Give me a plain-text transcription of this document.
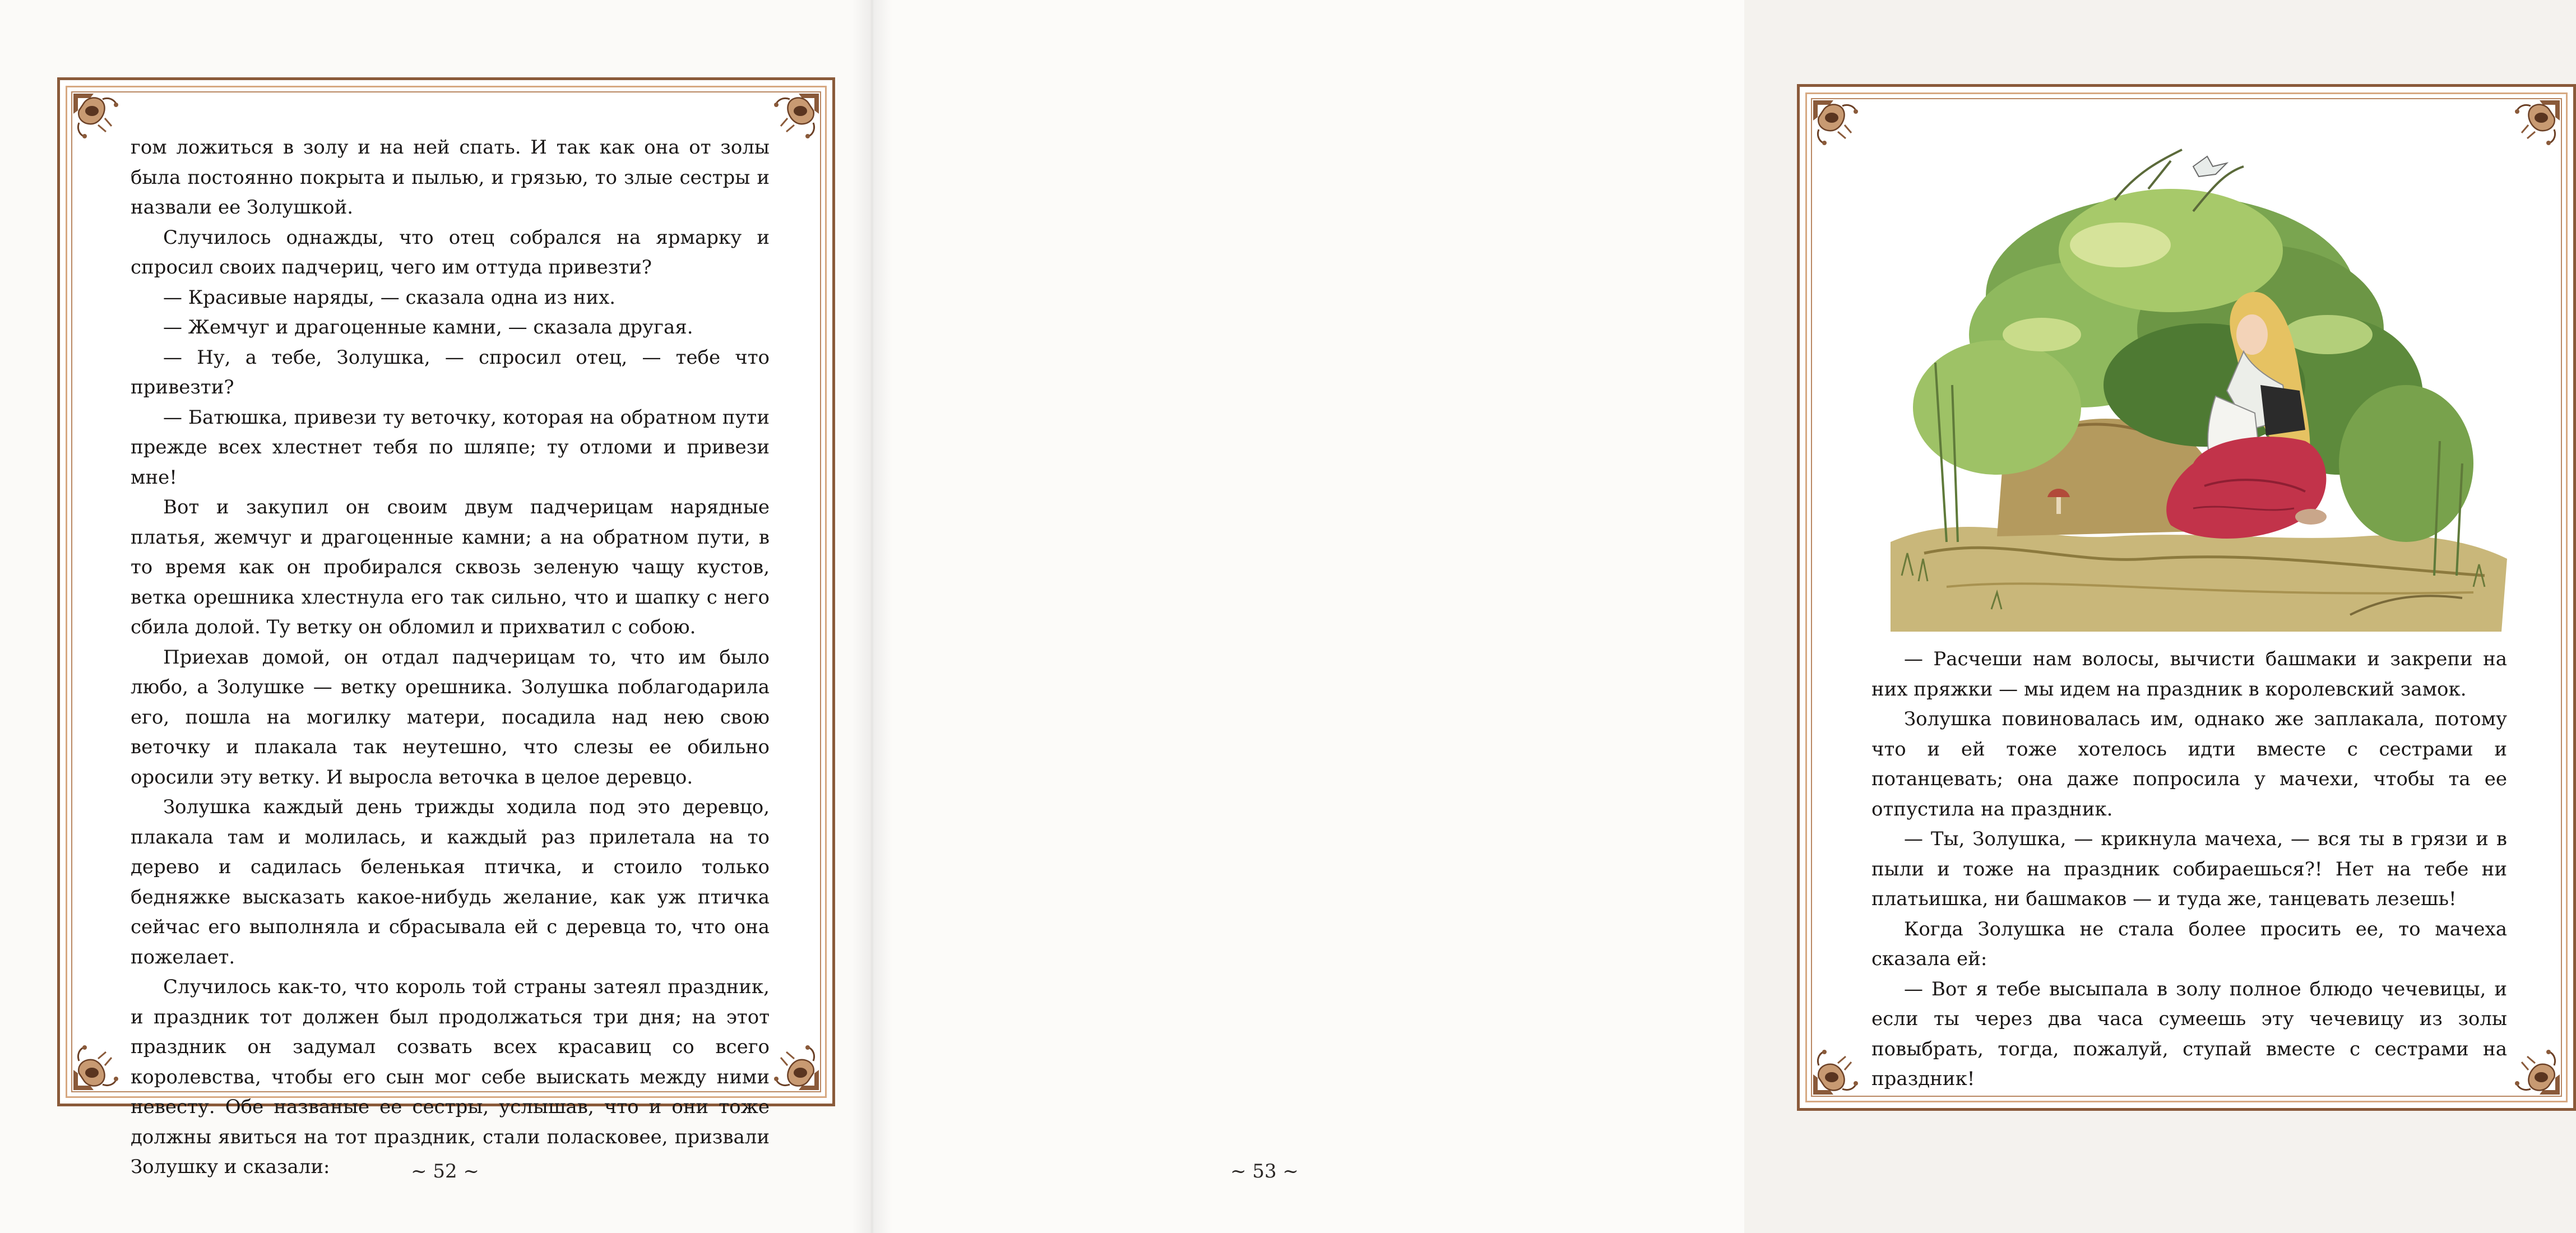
гом ложиться в золу и на ней спать. И так как она от золы была постоянно покрыта и пылью, и грязью, то злые сестры и назвали ее Золушкой.

Случилось однажды, что отец собрался на ярмарку и спросил своих падчериц, чего им оттуда привезти?

— Красивые наряды, — сказала одна из них.

— Жемчуг и драгоценные камни, — сказала другая.

— Ну, а тебе, Золушка, — спросил отец, — тебе что привезти?

— Батюшка, привези ту веточку, которая на обратном пути прежде всех хлестнет тебя по шляпе; ту отломи и привези мне!

Вот и закупил он своим двум падчерицам нарядные платья, жемчуг и драгоценные камни; а на обратном пути, в то время как он пробирался сквозь зеленую чащу кустов, ветка орешника хлестнула его так сильно, что и шапку с него сбила долой. Ту ветку он обломил и прихватил с собою.

Приехав домой, он отдал падчерицам то, что им было любо, а Золушке — ветку орешника. Золушка поблагодарила его, пошла на могилку матери, посадила над нею свою веточку и плакала так неутешно, что слезы ее обильно оросили эту ветку. И выросла веточка в целое деревцо.

Золушка каждый день трижды ходила под это деревцо, плакала там и молилась, и каждый раз прилетала на то дерево и садилась беленькая птичка, и стоило только бедняжке высказать какое-нибудь желание, как уж птичка сейчас его выполняла и сбрасывала ей с деревца то, что она пожелает.

Случилось как-то, что король той страны затеял праздник, и праздник тот должен был продолжаться три дня; на этот праздник он задумал созвать всех красавиц со всего королевства, чтобы его сын мог себе выискать между ними невесту. Обе названые ее сестры, услышав, что и они тоже должны явиться на тот праздник, стали поласковее, призвали Золушку и сказали:	~ 52 ~

— Расчеши нам волосы, вычисти башмаки и закрепи на них пряжки — мы идем на праздник в королевский замок.

Золушка повиновалась им, однако же заплакала, потому что и ей тоже хотелось идти вместе с сестрами и потанцевать; она даже попросила у мачехи, чтобы та ее отпустила на праздник.

— Ты, Золушка, — крикнула мачеха, — вся ты в грязи и в пыли и тоже на праздник собираешься?! Нет на тебе ни платьишка, ни башмаков — и туда же, танцевать лезешь!

Когда Золушка не стала более просить ее, то мачеха сказала ей:

— Вот я тебе высыпала в золу полное блюдо чечевицы, и если ты через два часа сумеешь эту чечевицу из золы повыбрать, тогда, пожалуй, ступай вместе с сестрами на праздник!

~ 53 ~
